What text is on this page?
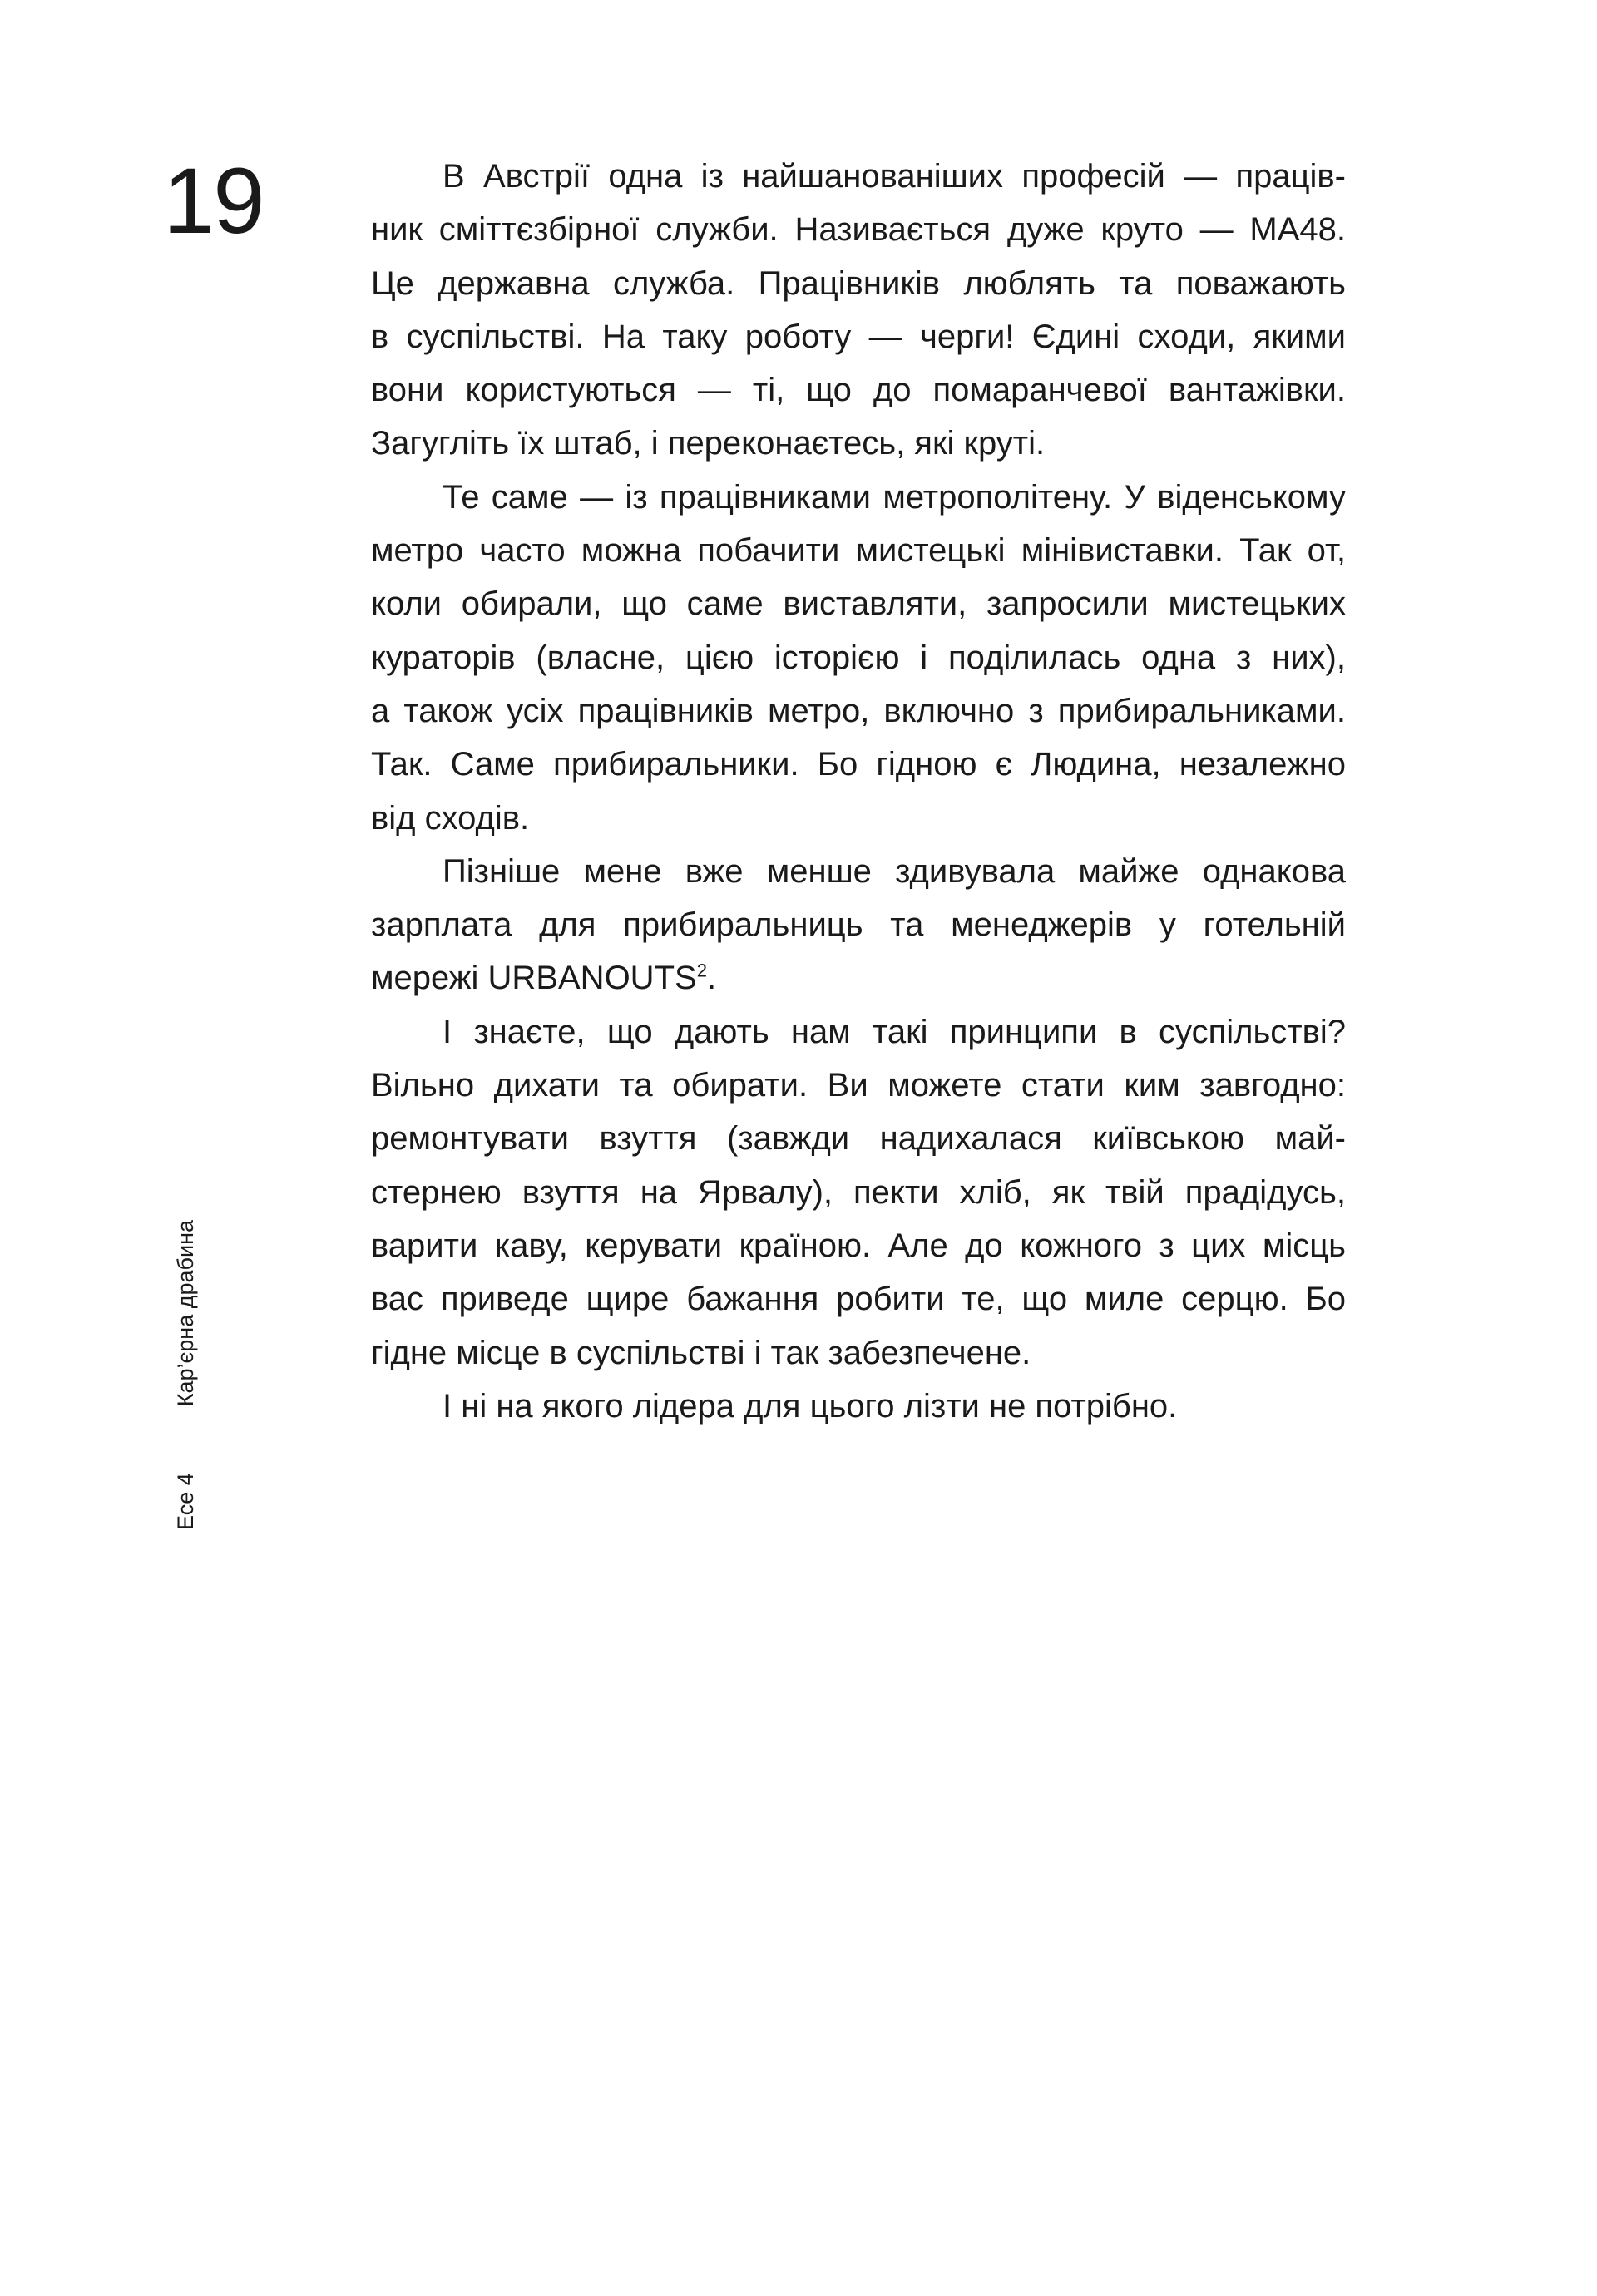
19
Есе 4Кар’єрна драбина

В Австрії одна із найшанованіших професій — праців-
ник сміттєзбірної служби. Називається дуже круто — МА48.
Це державна служба. Працівників люблять та поважають
в суспільстві. На таку роботу — черги! Єдині сходи, якими
вони користуються — ті, що до помаранчевої вантажівки.
Загугліть їх штаб, і переконаєтесь, які круті.

Те саме — із працівниками метрополітену. У віденському
метро часто можна побачити мистецькі мінівиставки. Так от,
коли обирали, що саме виставляти, запросили мистецьких
кураторів (власне, цією історією і поділилась одна з них),
а також усіх працівників метро, включно з прибиральниками.
Так. Саме прибиральники. Бо гідною є Людина, незалежно
від сходів.

Пізніше мене вже менше здивувала майже однакова
зарплата для прибиральниць та менеджерів у готельній
мережі URBANOUTS$^2$.

І знаєте, що дають нам такі принципи в суспільстві?
Вільно дихати та обирати. Ви можете стати ким завгодно:
ремонтувати взуття (завжди надихалася київською май-
стернею взуття на Ярвалу), пекти хліб, як твій прадідусь,
варити каву, керувати країною. Але до кожного з цих місць
вас приведе щире бажання робити те, що миле серцю. Бо
гідне місце в суспільстві і так забезпечене.

І ні на якого лідера для цього лізти не потрібно.
